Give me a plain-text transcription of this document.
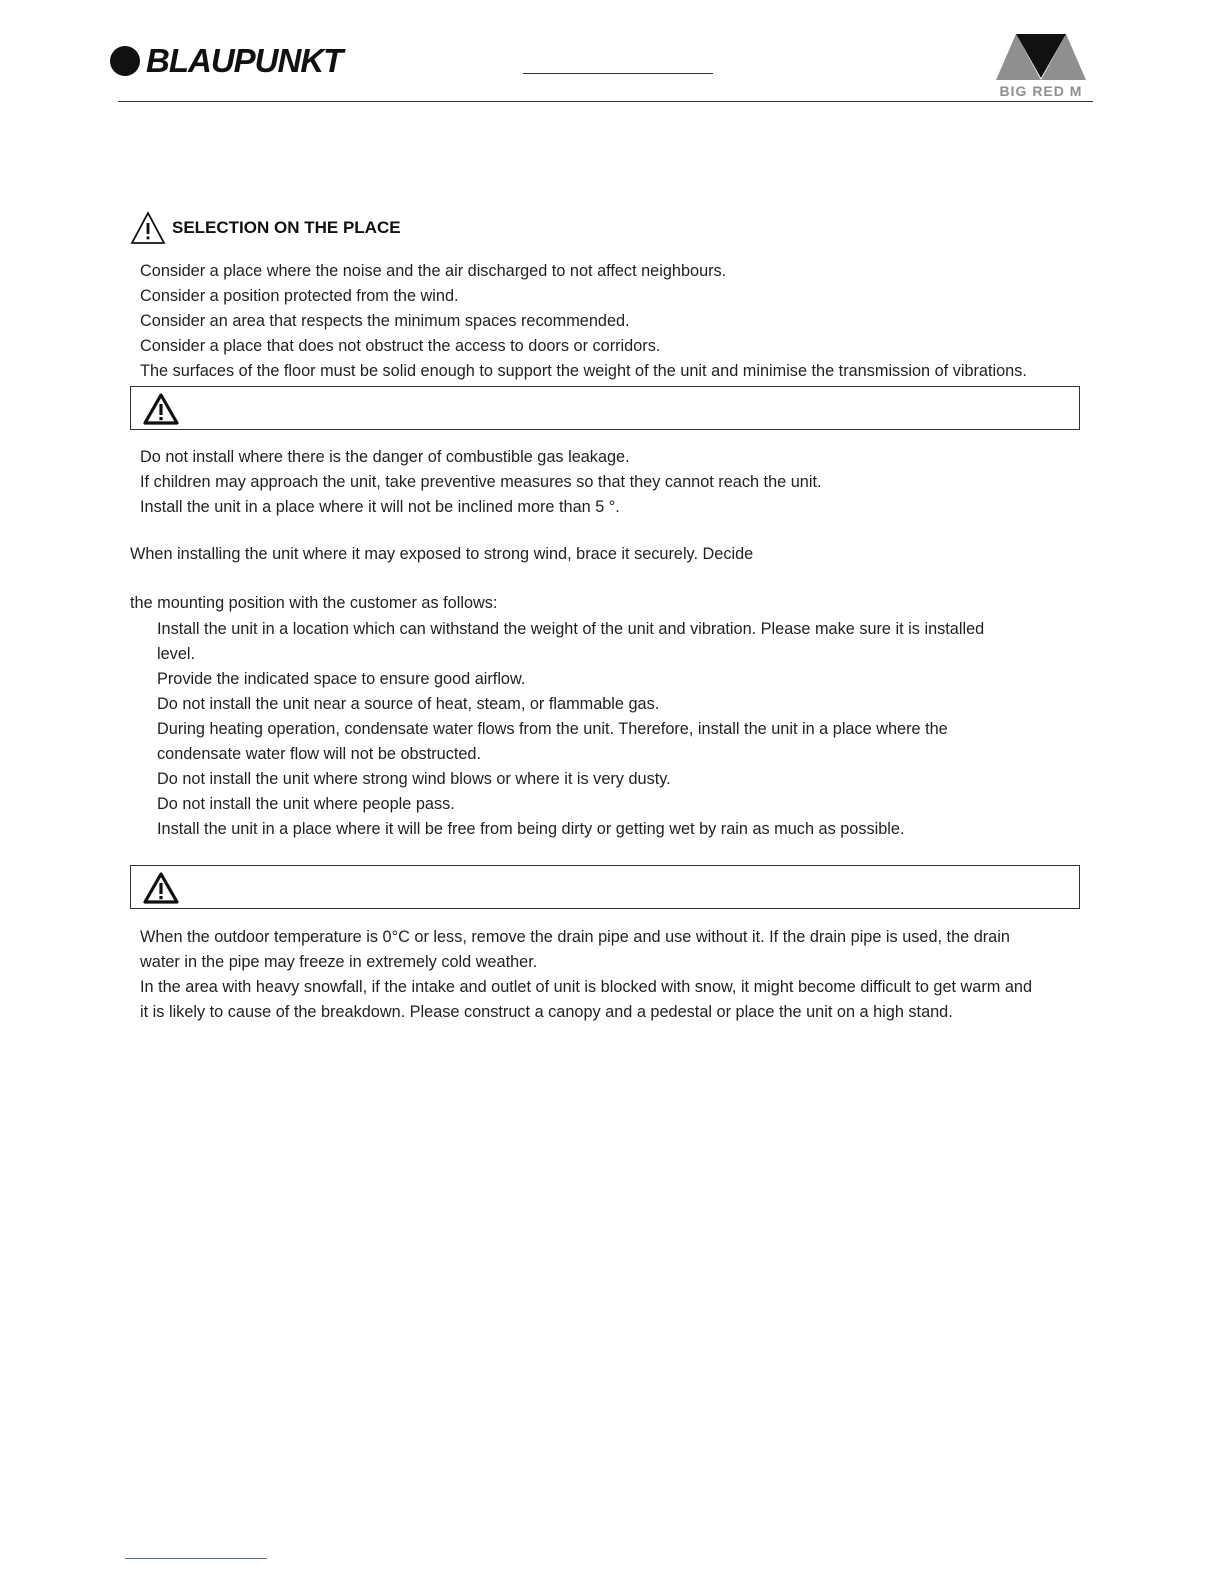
BLAUPUNKT
BIG RED M
SELECTION ON THE PLACE
Consider a place where the noise and the air discharged to not affect neighbours.
Consider a position protected from the wind.
Consider an area that respects the minimum spaces recommended.
Consider a place that does not obstruct the access to doors or corridors.
The surfaces of the floor must be solid enough to support the weight of the unit and minimise the transmission of vibrations.
Do not install where there is the danger of combustible gas leakage.
If children may approach the unit, take preventive measures so that they cannot reach the unit.
Install the unit in a place where it will not be inclined more than 5 °.

When installing the unit where it may exposed to strong wind, brace it securely. Decide

the mounting position with the customer as follows:

Install the unit in a location which can withstand the weight of the unit and vibration. Please make sure it is installed
level.
Provide the indicated space to ensure good airflow.
Do not install the unit near a source of heat, steam, or flammable gas.
During heating operation, condensate water flows from the unit. Therefore, install the unit in a place where the
condensate water flow will not be obstructed.
Do not install the unit where strong wind blows or where it is very dusty.
Do not install the unit where people pass.
Install the unit in a place where it will be free from being dirty or getting wet by rain as much as possible.
When the outdoor temperature is 0°C or less, remove the drain pipe and use without it. If the drain pipe is used, the drain
water in the pipe may freeze in extremely cold weather.
In the area with heavy snowfall, if the intake and outlet of unit is blocked with snow, it might become difficult to get warm and
it is likely to cause of the breakdown. Please construct a canopy and a pedestal or place the unit on a high stand.
